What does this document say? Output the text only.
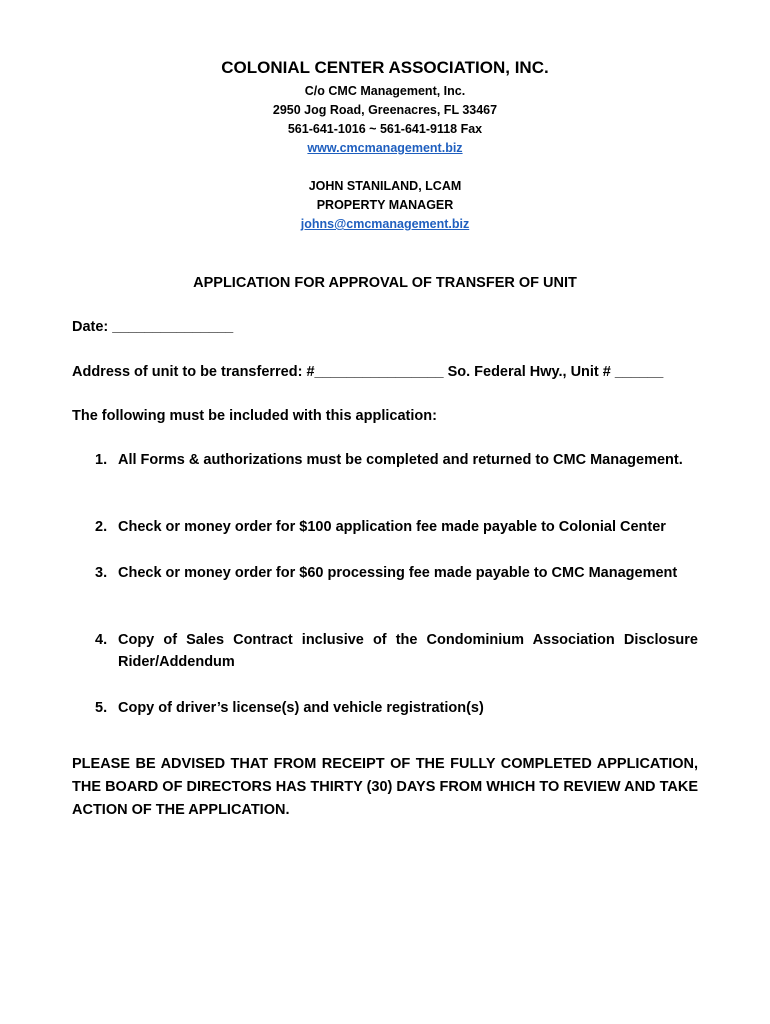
COLONIAL CENTER ASSOCIATION, INC.
C/o CMC Management, Inc.
2950 Jog Road, Greenacres, FL 33467
561-641-1016 ~ 561-641-9118 Fax
www.cmcmanagement.biz
JOHN STANILAND, LCAM
PROPERTY MANAGER
johns@cmcmanagement.biz
APPLICATION FOR APPROVAL OF TRANSFER OF UNIT
Date: _______________
Address of unit to be transferred: #________________ So. Federal Hwy., Unit # ______
The following must be included with this application:
1. All Forms & authorizations must be completed and returned to CMC Management.
2. Check or money order for $100 application fee made payable to Colonial Center
3. Check or money order for $60 processing fee made payable to CMC Management
4. Copy of Sales Contract inclusive of the Condominium Association Disclosure Rider/Addendum
5. Copy of driver’s license(s) and vehicle registration(s)
PLEASE BE ADVISED THAT FROM RECEIPT OF THE FULLY COMPLETED APPLICATION, THE BOARD OF DIRECTORS HAS THIRTY (30) DAYS FROM WHICH TO REVIEW AND TAKE ACTION OF THE APPLICATION.
